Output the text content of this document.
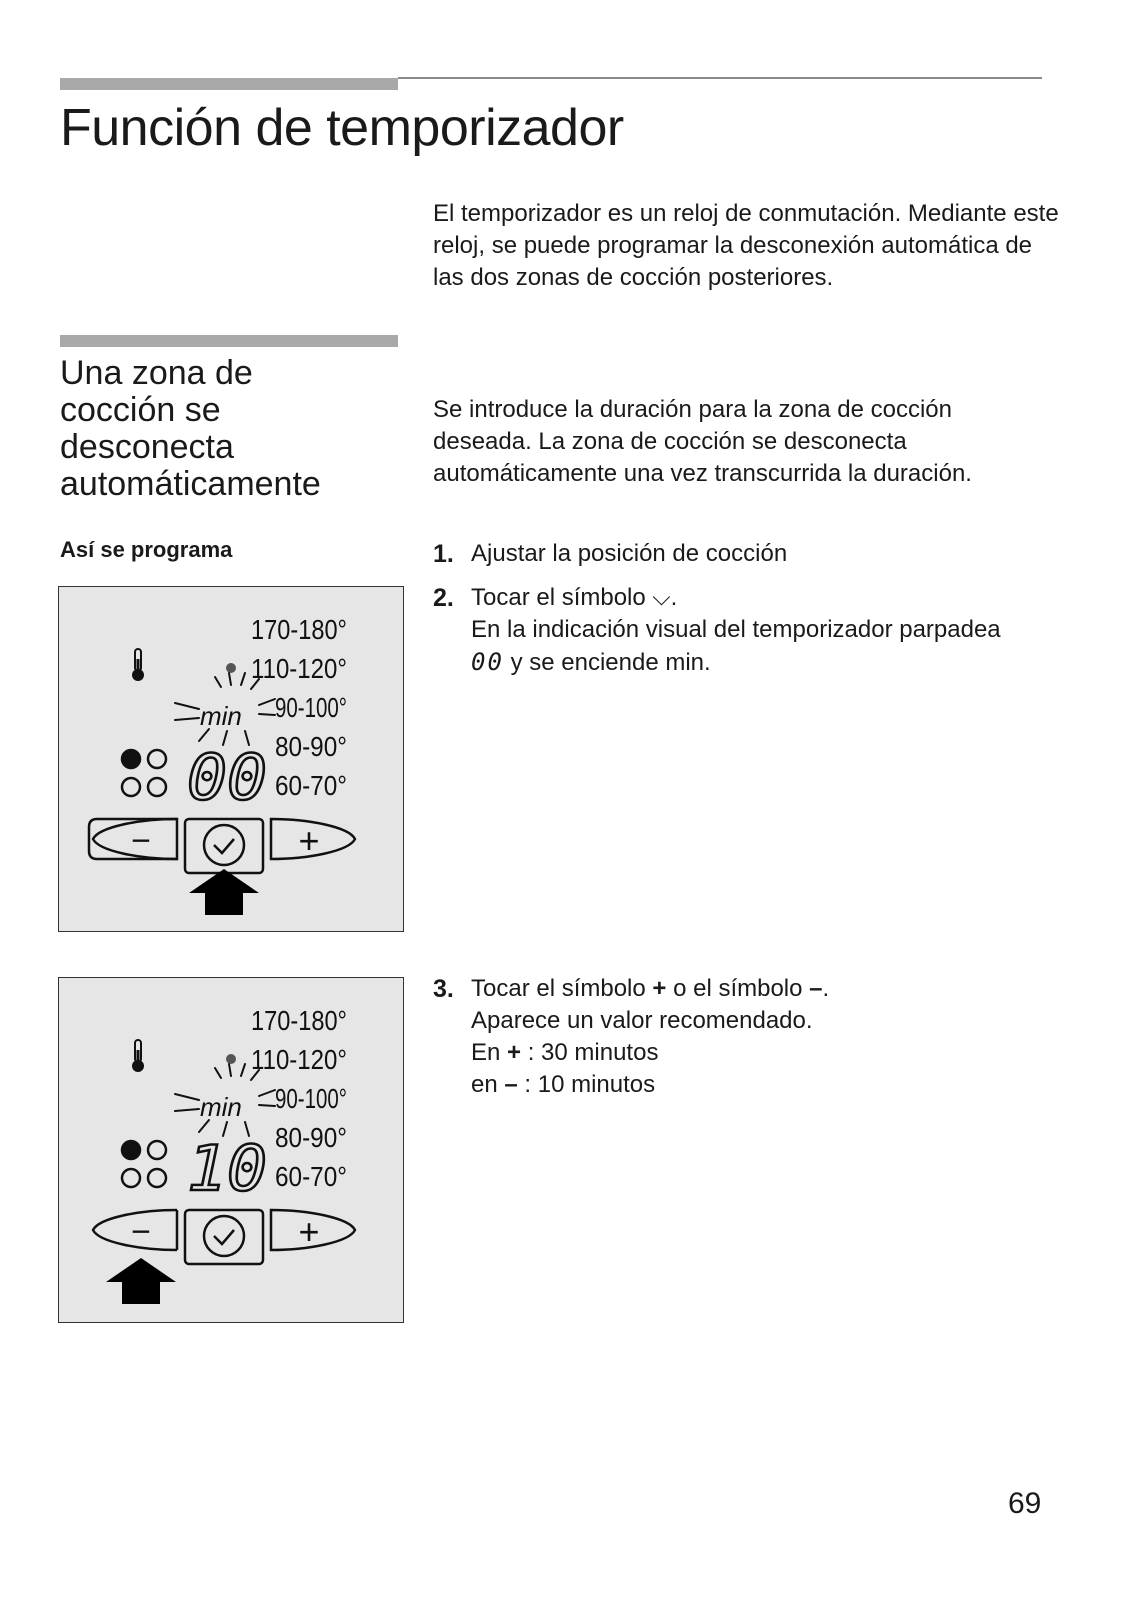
Función de temporizador
El temporizador es un reloj de conmutación. Mediante este reloj, se puede programar la desconexión automática de las dos zonas de cocción posteriores.
Una zona de
cocción se
desconecta
automáticamente
Se introduce la duración para la zona de cocción deseada. La zona de cocción se desconecta automáticamente una vez transcurrida la duración.
Así se programa	1. Ajustar la posición de cocción
2. Tocar el símbolo ⌵.
En la indicación visual del temporizador parpadea
00 y se enciende min.
3. Tocar el símbolo + o el símbolo –.
Aparece un valor recomendado.
En + : 30 minutos
en – : 10 minutos
170-180°
110-120°
90-100°
80-90°
60-70°
min
00
−	+
170-180°
110-120°
90-100°
80-90°
60-70°
min
10
−	+
69
